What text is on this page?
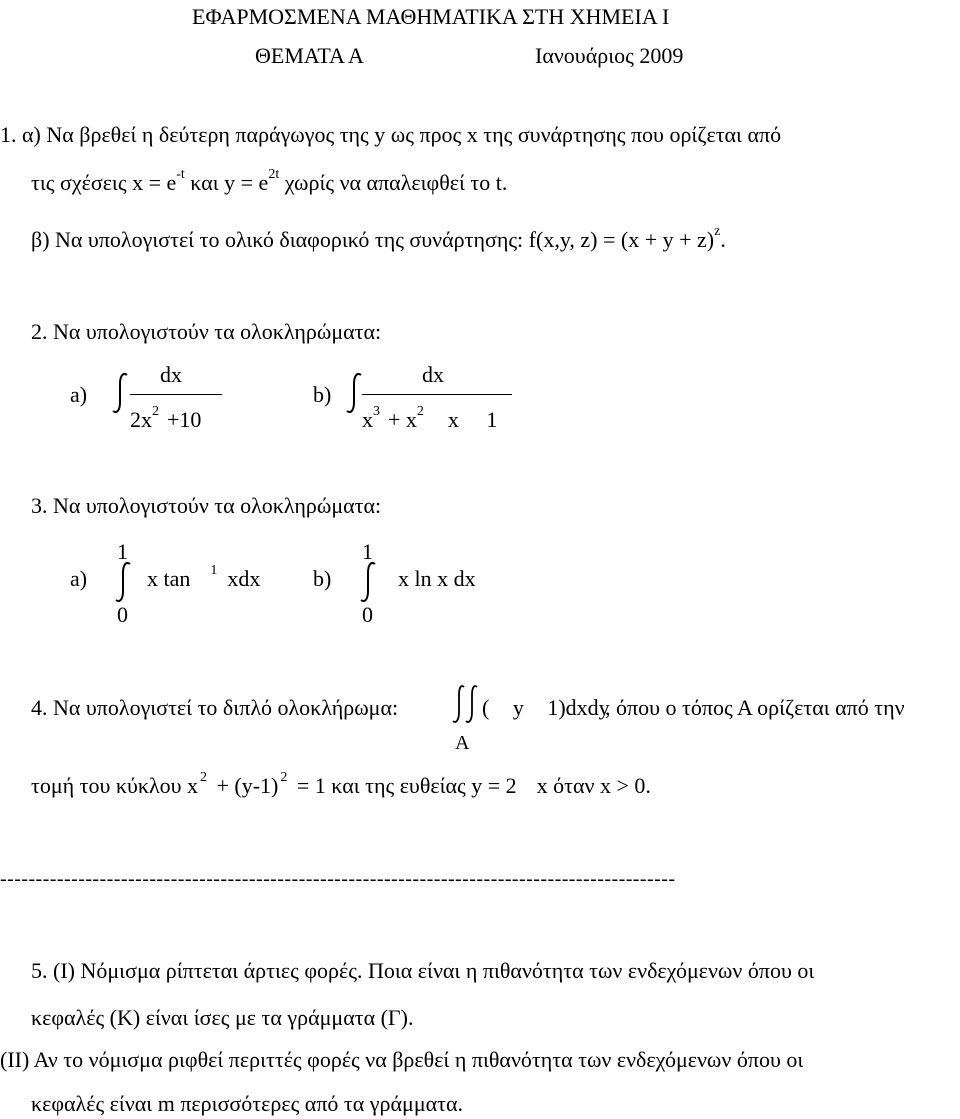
ΕΦΑΡΜΟΣΜΕΝΑ ΜΑΘΗΜΑΤΙΚΑ ΣΤΗ ΧΗΜΕΙΑ Ι
ΘΕΜΑΤΑ Α	Ιανουάριος 2009
1. α) Να βρεθεί η δεύτερη παράγωγος της y ως προς x της συνάρτησης που ορίζεται από
τις σχέσεις $x = e^{-t}$ και $y = e^{2t}$ χωρίς να απαλειφθεί το t.
β) Να υπολογιστεί το ολικό διαφορικό της συνάρτησης: f(x,y, $z) = (x + y + z)^z$.
2. Να υπολογιστούν τα ολοκληρώματα:
a)
dx
$2x^2 +10$
b)
dx
$x^3 + x^2$ x 1
3. Να υπολογιστούν τα ολοκληρώματα:
a)
1
0
x tan $^1$ xdx b)
1
0
x ln x dx
4. Να υπολογιστεί το διπλό ολοκλήρωμα:	( y 1)dxdy
, όπου ο τόπος Α ορίζεται από την
A
τομή του κύκλου x $^2$ + (y-1) $^2$ = 1 και της ευθείας y = 2 x όταν x > 0.
-----------------------------------------------------------------------------------------------
5. (Ι) Νόμισμα ρίπτεται άρτιες φορές. Ποια είναι η πιθανότητα των ενδεχόμενων όπου οι
κεφαλές (Κ) είναι ίσες με τα γράμματα (Γ).
(ΙΙ) Αν το νόμισμα ριφθεί περιττές φορές να βρεθεί η πιθανότητα των ενδεχόμενων όπου οι
κεφαλές είναι m περισσότερες από τα γράμματα.
